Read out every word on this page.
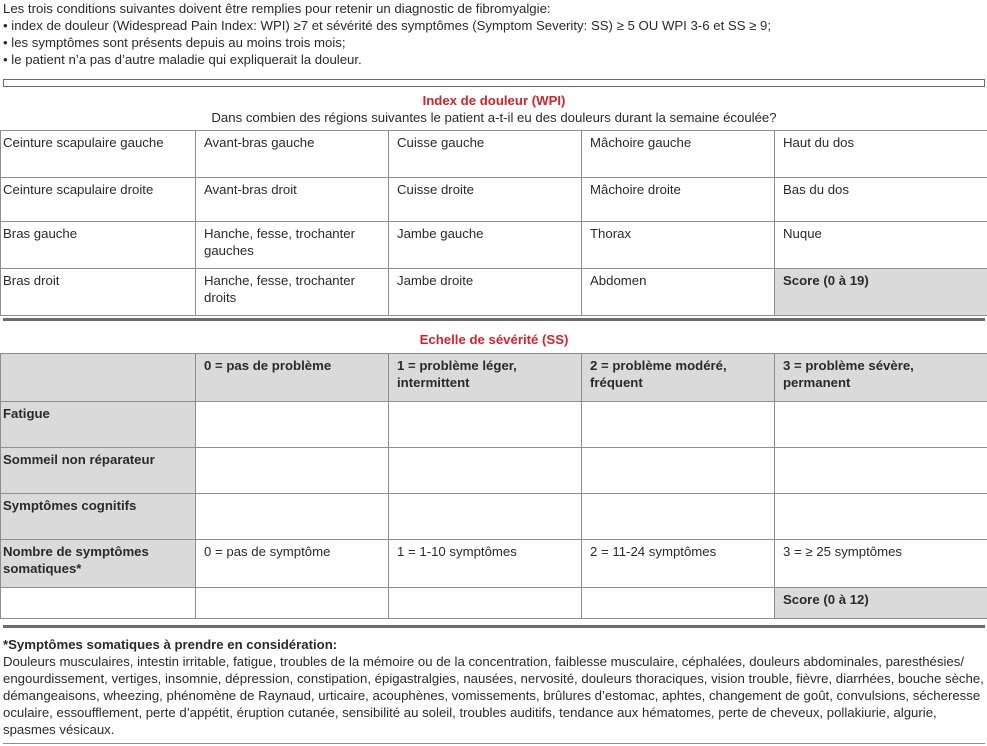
Les trois conditions suivantes doivent être remplies pour retenir un diagnostic de fibromyalgie:
• index de douleur (Widespread Pain Index: WPI) ≥7 et sévérité des symptômes (Symptom Severity: SS) ≥ 5 OU WPI 3-6 et SS ≥ 9;
• les symptômes sont présents depuis au moins trois mois;
• le patient n’a pas d’autre maladie qui expliquerait la douleur.
Index de douleur (WPI)
Dans combien des régions suivantes le patient a-t-il eu des douleurs durant la semaine écoulée?
Ceinture scapulaire gauche	Avant-bras gauche	Cuisse gauche	Mâchoire gauche	Haut du dos
Ceinture scapulaire droite	Avant-bras droit	Cuisse droite	Mâchoire droite	Bas du dos
Bras gauche	Hanche, fesse, trochanter gauches	Jambe gauche	Thorax	Nuque
Bras droit	Hanche, fesse, trochanter droits	Jambe droite	Abdomen	Score (0 à 19)
Echelle de sévérité (SS)
	0 = pas de problème	1 = problème léger, intermittent	2 = problème modéré, fréquent	3 = problème sévère, permanent
Fatigue				
Sommeil non réparateur				
Symptômes cognitifs				
Nombre de symptômes somatiques*	0 = pas de symptôme	1 = 1-10 symptômes	2 = 11-24 symptômes	3 = ≥ 25 symptômes
				Score (0 à 12)
*Symptômes somatiques à prendre en considération:
Douleurs musculaires, intestin irritable, fatigue, troubles de la mémoire ou de la concentration, faiblesse musculaire, céphalées, douleurs abdominales, paresthésies/ engourdissement, vertiges, insomnie, dépression, constipation, épigastralgies, nausées, nervosité, douleurs thoraciques, vision trouble, fièvre, diarrhées, bouche sèche, démangeaisons, wheezing, phénomène de Raynaud, urticaire, acouphènes, vomissements, brûlures d’estomac, aphtes, changement de goût, convulsions, sécheresse oculaire, essoufflement, perte d’appétit, éruption cutanée, sensibilité au soleil, troubles auditifs, tendance aux hématomes, perte de cheveux, pollakiurie, algurie, spasmes vésicaux.
